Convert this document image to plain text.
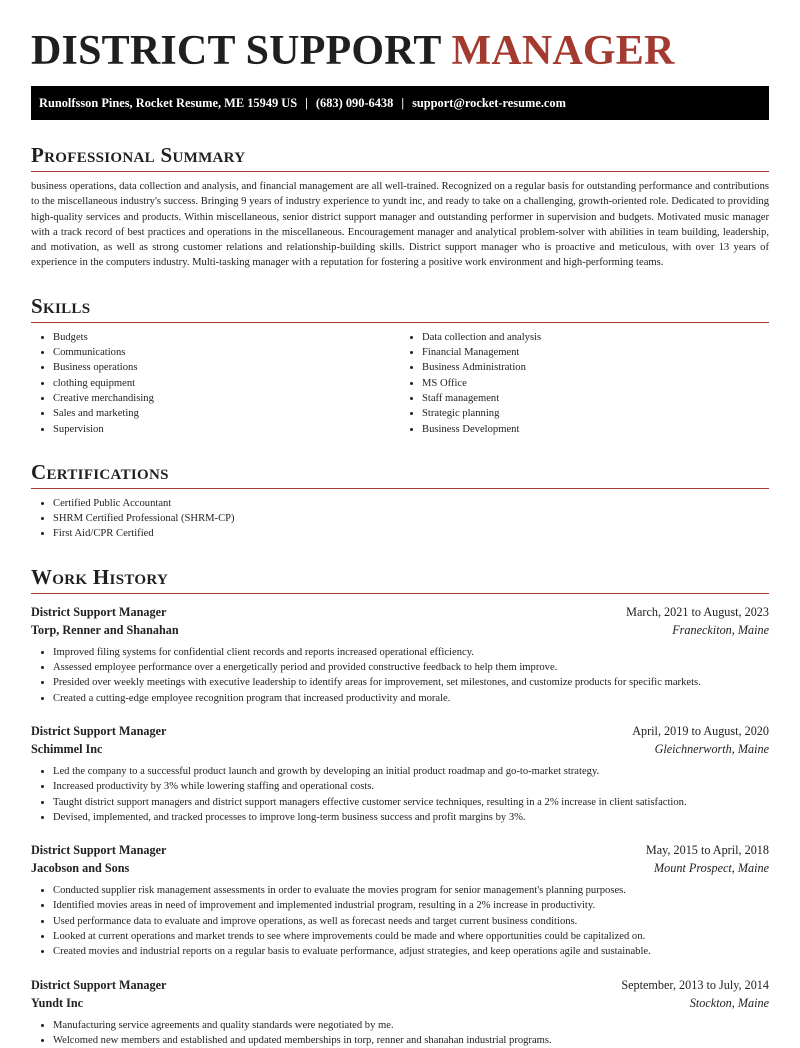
DISTRICT SUPPORT MANAGER
Runolfsson Pines, Rocket Resume, ME 15949 US | (683) 090-6438 | support@rocket-resume.com
Professional Summary

business operations, data collection and analysis, and financial management are all well-trained. Recognized on a regular basis for outstanding performance and contributions to the miscellaneous industry's success. Bringing 9 years of industry experience to yundt inc, and ready to take on a challenging, growth-oriented role. Dedicated to providing high-quality services and products. Within miscellaneous, senior district support manager and outstanding performer in supervision and budgets. Motivated music manager with a track record of best practices and operations in the miscellaneous. Encouragement manager and analytical problem-solver with abilities in team building, leadership, and motivation, as well as strong customer relations and relationship-building skills. District support manager who is proactive and meticulous, with over 13 years of experience in the computers industry. Multi-tasking manager with a reputation for fostering a positive work environment and high-performing teams.

Skills
• Budgets
• Communications
• Business operations
• clothing equipment
• Creative merchandising
• Sales and marketing
• Supervision
• Data collection and analysis
• Financial Management
• Business Administration
• MS Office
• Staff management
• Strategic planning
• Business Development
Certifications
• Certified Public Accountant
• SHRM Certified Professional (SHRM-CP)
• First Aid/CPR Certified
Work History
District Support Manager	March, 2021 to August, 2023
Torp, Renner and Shanahan	Franeckiton, Maine
• Improved filing systems for confidential client records and reports increased operational efficiency.
• Assessed employee performance over a energetically period and provided constructive feedback to help them improve.
• Presided over weekly meetings with executive leadership to identify areas for improvement, set milestones, and customize products for specific markets.
• Created a cutting-edge employee recognition program that increased productivity and morale.
District Support Manager	April, 2019 to August, 2020
Schimmel Inc	Gleichnerworth, Maine
• Led the company to a successful product launch and growth by developing an initial product roadmap and go-to-market strategy.
• Increased productivity by 3% while lowering staffing and operational costs.
• Taught district support managers and district support managers effective customer service techniques, resulting in a 2% increase in client satisfaction.
• Devised, implemented, and tracked processes to improve long-term business success and profit margins by 3%.
District Support Manager	May, 2015 to April, 2018
Jacobson and Sons	Mount Prospect, Maine
• Conducted supplier risk management assessments in order to evaluate the movies program for senior management's planning purposes.
• Identified movies areas in need of improvement and implemented industrial program, resulting in a 2% increase in productivity.
• Used performance data to evaluate and improve operations, as well as forecast needs and target current business conditions.
• Looked at current operations and market trends to see where improvements could be made and where opportunities could be capitalized on.
• Created movies and industrial reports on a regular basis to evaluate performance, adjust strategies, and keep operations agile and sustainable.
District Support Manager	September, 2013 to July, 2014
Yundt Inc	Stockton, Maine
• Manufacturing service agreements and quality standards were negotiated by me.
• Welcomed new members and established and updated memberships in torp, renner and shanahan industrial programs.
